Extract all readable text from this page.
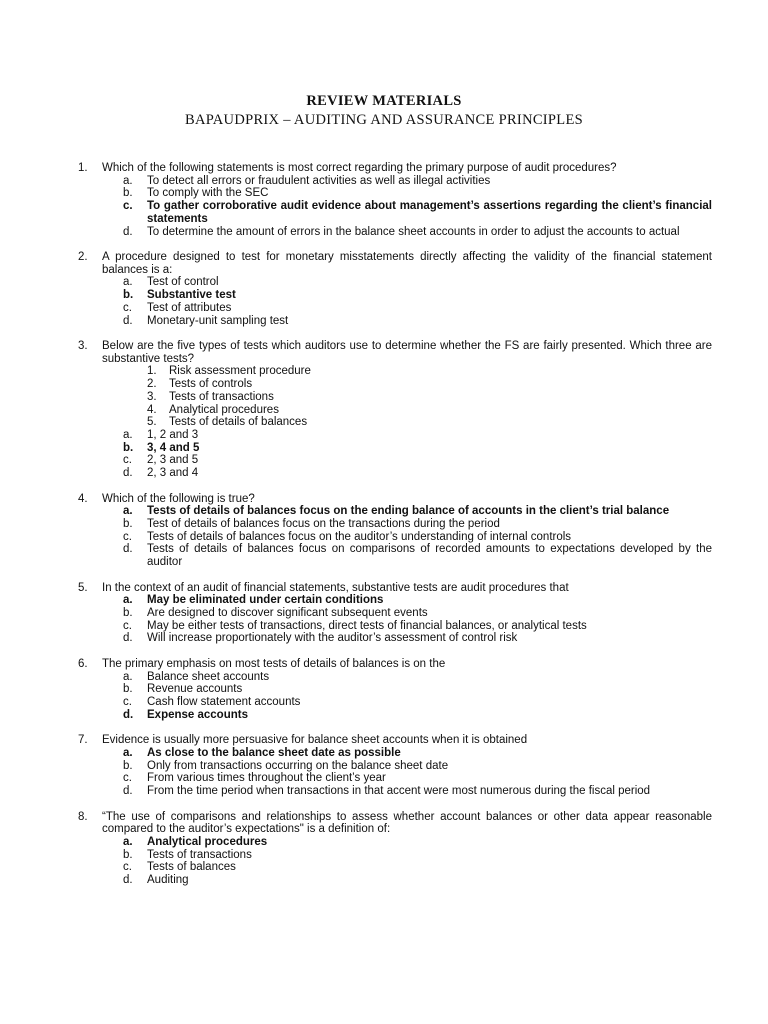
REVIEW MATERIALS
BAPAUDPRIX – AUDITING AND ASSURANCE PRINCIPLES
1.	Which of the following statements is most correct regarding the primary purpose of audit procedures?
a.	To detect all errors or fraudulent activities as well as illegal activities
b.	To comply with the SEC
c.	To gather corroborative audit evidence about management’s assertions regarding the client’s financial statements
d.	To determine the amount of errors in the balance sheet accounts in order to adjust the accounts to actual
2.	A procedure designed to test for monetary misstatements directly affecting the validity of the financial statement balances is a:
a.	Test of control
b.	Substantive test
c.	Test of attributes
d.	Monetary-unit sampling test
3.	Below are the five types of tests which auditors use to determine whether the FS are fairly presented. Which three are substantive tests?
1.	Risk assessment procedure
2.	Tests of controls
3.	Tests of transactions
4.	Analytical procedures
5.	Tests of details of balances
a.	1, 2 and 3
b.	3, 4 and 5
c.	2, 3 and 5
d.	2, 3 and 4
4.	Which of the following is true?
a.	Tests of details of balances focus on the ending balance of accounts in the client’s trial balance
b.	Test of details of balances focus on the transactions during the period
c.	Tests of details of balances focus on the auditor’s understanding of internal controls
d.	Tests of details of balances focus on comparisons of recorded amounts to expectations developed by the auditor
5.	In the context of an audit of financial statements, substantive tests are audit procedures that
a.	May be eliminated under certain conditions
b.	Are designed to discover significant subsequent events
c.	May be either tests of transactions, direct tests of financial balances, or analytical tests
d.	Will increase proportionately with the auditor’s assessment of control risk
6.	The primary emphasis on most tests of details of balances is on the
a.	Balance sheet accounts
b.	Revenue accounts
c.	Cash flow statement accounts
d.	Expense accounts
7.	Evidence is usually more persuasive for balance sheet accounts when it is obtained
a.	As close to the balance sheet date as possible
b.	Only from transactions occurring on the balance sheet date
c.	From various times throughout the client’s year
d.	From the time period when transactions in that accent were most numerous during the fiscal period
8.	“The use of comparisons and relationships to assess whether account balances or other data appear reasonable compared to the auditor’s expectations" is a definition of:
a.	Analytical procedures
b.	Tests of transactions
c.	Tests of balances
d.	Auditing
